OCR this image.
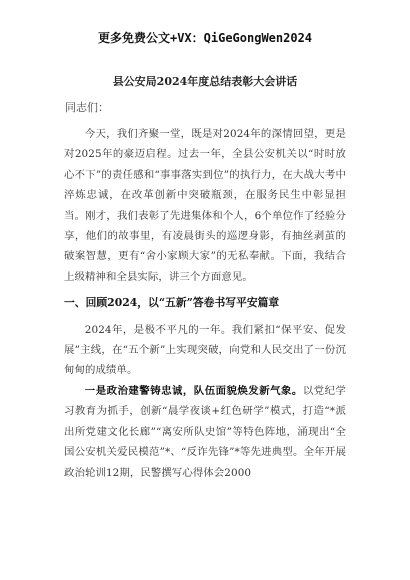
更多免费公文+VX：QiGeGongWen2024
县公安局2024年度总结表彰大会讲话
同志们：

今天，我们齐聚一堂，既是对2024年的深情回望，更是对2025年的豪迈启程。过去一年，全县公安机关以“时时放心不下”的责任感和“事事落实到位”的执行力，在大战大考中淬炼忠诚，在改革创新中突破瓶颈，在服务民生中彰显担当。刚才，我们表彰了先进集体和个人，6个单位作了经验分享，他们的故事里，有凌晨街头的巡逻身影，有抽丝剥茧的破案智慧，更有“舍小家顾大家”的无私奉献。下面，我结合上级精神和全县实际，讲三个方面意见。

一、回顾2024，以“五新”答卷书写平安篇章

2024年，是极不平凡的一年。我们紧扣“保平安、促发展”主线，在“五个新”上实现突破，向党和人民交出了一份沉甸甸的成绩单。

一是政治建警铸忠诚，队伍面貌焕发新气象。以党纪学习教育为抓手，创新“晨学夜谈+红色研学”模式，打造“*派出所党建文化长廊”“离安所队史馆”等特色阵地，涌现出“全国公安机关爱民模范”*、“反诈先锋”*等先进典型。全年开展政治轮训12期，民警撰写心得体会2000
